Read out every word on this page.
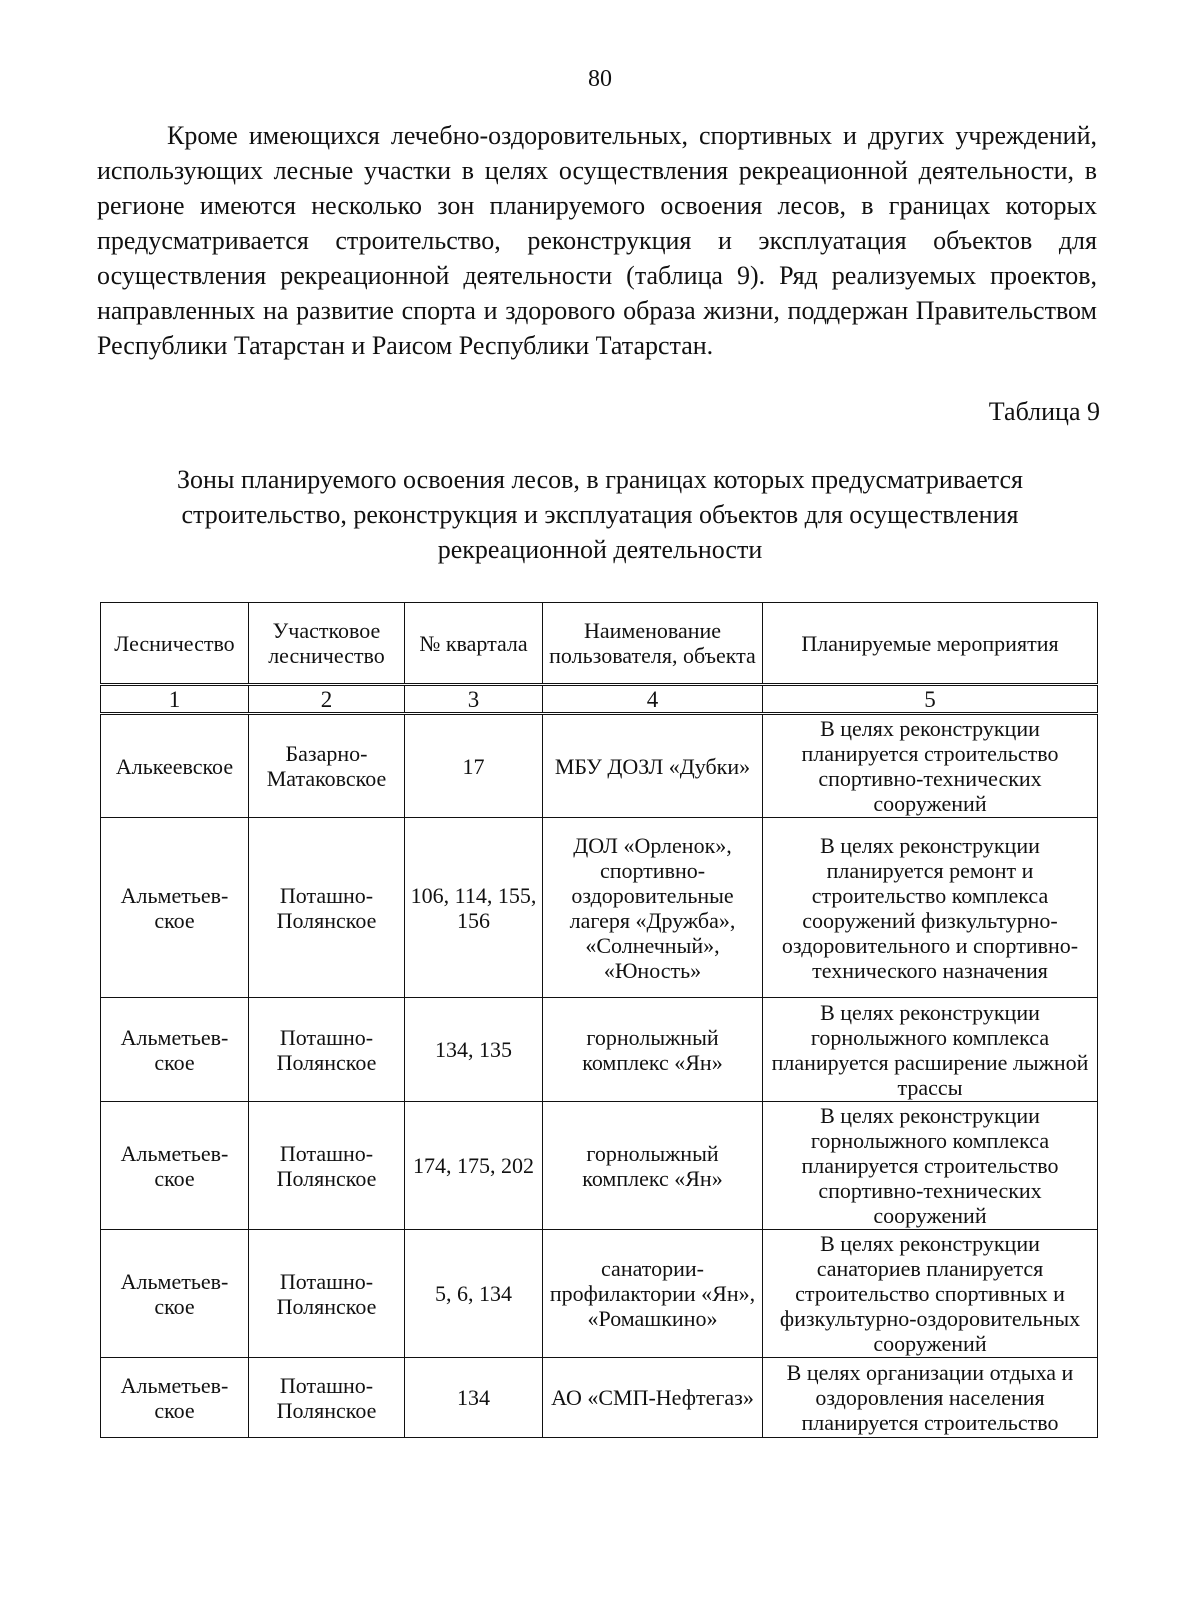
80

Кроме имеющихся лечебно-оздоровительных, спортивных и других учреждений, использующих лесные участки в целях осуществления рекреационной деятельности, в регионе имеются несколько зон планируемого освоения лесов, в границах которых предусматривается строительство, реконструкция и эксплуатация объектов для осуществления рекреационной деятельности (таблица 9). Ряд реализуемых проектов, направленных на развитие спорта и здорового образа жизни, поддержан Правительством Республики Татарстан и Раисом Республики Татарстан.

Таблица 9

Зоны планируемого освоения лесов, в границах которых предусматривается строительство, реконструкция и эксплуатация объектов для осуществления рекреационной деятельности

Лесничество	Участковое лесничество	№ квартала	Наименование пользователя, объекта	Планируемые мероприятия
1	2	3	4	5
Алькеевское	Базарно-Матаковское	17	МБУ ДОЗЛ «Дубки»	В целях реконструкции планируется строительство спортивно-технических сооружений
Альметьев-ское	Поташно-Полянское	106, 114, 155, 156	ДОЛ «Орленок», спортивно-оздоровительные лагеря «Дружба», «Солнечный», «Юность»	В целях реконструкции планируется ремонт и строительство комплекса сооружений физкультурно-оздоровительного и спортивно-технического назначения
Альметьев-ское	Поташно-Полянское	134, 135	горнолыжный комплекс «Ян»	В целях реконструкции горнолыжного комплекса планируется расширение лыжной трассы
Альметьев-ское	Поташно-Полянское	174, 175, 202	горнолыжный комплекс «Ян»	В целях реконструкции горнолыжного комплекса планируется строительство спортивно-технических сооружений
Альметьев-ское	Поташно-Полянское	5, 6, 134	санатории-профилактории «Ян», «Ромашкино»	В целях реконструкции санаториев планируется строительство спортивных и физкультурно-оздоровительных сооружений
Альметьев-ское	Поташно-Полянское	134	АО «СМП-Нефтегаз»	В целях организации отдыха и оздоровления населения планируется строительство
